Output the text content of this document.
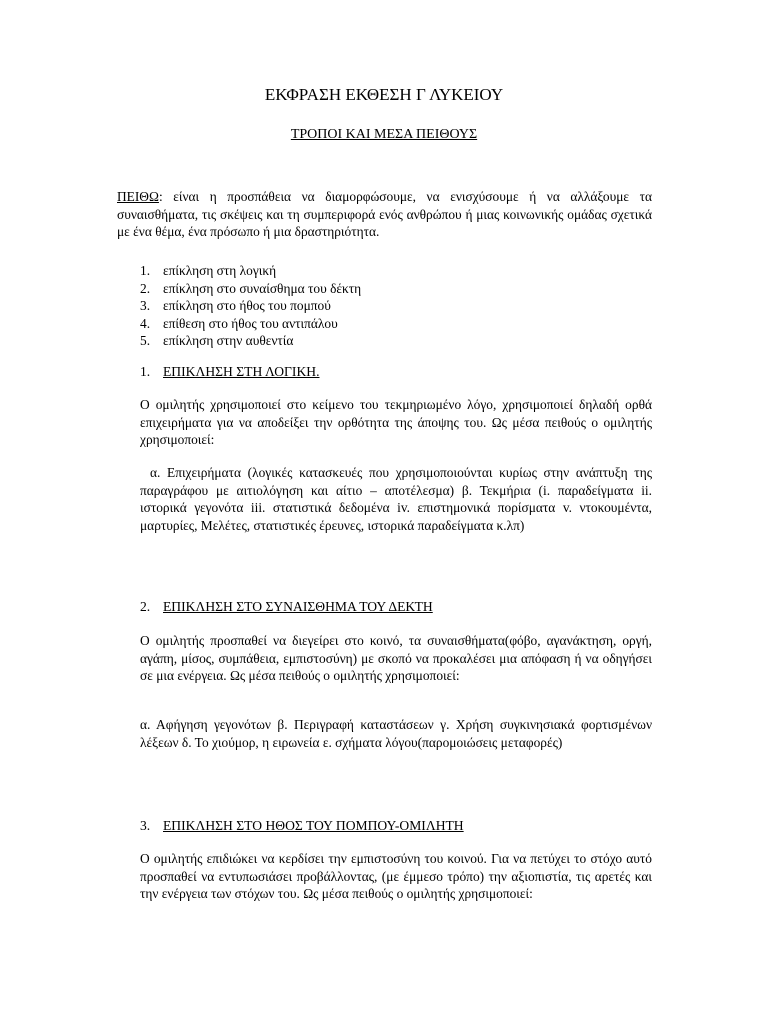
ΕΚΦΡΑΣΗ ΕΚΘΕΣΗ Γ ΛΥΚΕΙΟΥ
ΤΡΟΠΟΙ ΚΑΙ ΜΕΣΑ ΠΕΙΘΟΥΣ
ΠΕΙΘΩ: είναι η προσπάθεια να διαμορφώσουμε, να ενισχύσουμε ή να αλλάξουμε τα συναισθήματα, τις σκέψεις και τη συμπεριφορά ενός ανθρώπου ή μιας κοινωνικής ομάδας σχετικά με ένα θέμα, ένα πρόσωπο ή μια δραστηριότητα.
1. επίκληση στη λογική
2. επίκληση στο συναίσθημα του δέκτη
3. επίκληση στο ήθος του πομπού
4. επίθεση στο ήθος του αντιπάλου
5. επίκληση στην αυθεντία
1. ΕΠΙΚΛΗΣΗ ΣΤΗ ΛΟΓΙΚΗ.
Ο ομιλητής χρησιμοποιεί στο κείμενο του τεκμηριωμένο λόγο, χρησιμοποιεί δηλαδή ορθά επιχειρήματα για να αποδείξει την ορθότητα της άποψης του. Ως μέσα πειθούς ο ομιλητής χρησιμοποιεί:
α. Επιχειρήματα (λογικές κατασκευές που χρησιμοποιούνται κυρίως στην ανάπτυξη της παραγράφου με αιτιολόγηση και αίτιο – αποτέλεσμα) β. Τεκμήρια (i. παραδείγματα ii. ιστορικά γεγονότα iii. στατιστικά δεδομένα iv. επιστημονικά πορίσματα v. ντοκουμέντα, μαρτυρίες, Μελέτες, στατιστικές έρευνες, ιστορικά παραδείγματα κ.λπ)
2. ΕΠΙΚΛΗΣΗ ΣΤΟ ΣΥΝΑΙΣΘΗΜΑ ΤΟΥ ΔΕΚΤΗ
Ο ομιλητής προσπαθεί να διεγείρει στο κοινό, τα συναισθήματα(φόβο, αγανάκτηση, οργή, αγάπη, μίσος, συμπάθεια, εμπιστοσύνη) με σκοπό να προκαλέσει μια απόφαση ή να οδηγήσει σε μια ενέργεια. Ως μέσα πειθούς ο ομιλητής χρησιμοποιεί:
α. Αφήγηση γεγονότων β. Περιγραφή καταστάσεων γ. Χρήση συγκινησιακά φορτισμένων λέξεων δ. Το χιούμορ, η ειρωνεία ε. σχήματα λόγου(παρομοιώσεις μεταφορές)
3. ΕΠΙΚΛΗΣΗ ΣΤΟ ΗΘΟΣ ΤΟΥ ΠΟΜΠΟΥ-ΟΜΙΛΗΤΗ
Ο ομιλητής επιδιώκει να κερδίσει την εμπιστοσύνη του κοινού. Για να πετύχει το στόχο αυτό προσπαθεί να εντυπωσιάσει προβάλλοντας, (με έμμεσο τρόπο) την αξιοπιστία, τις αρετές και την ενέργεια των στόχων του. Ως μέσα πειθούς ο ομιλητής χρησιμοποιεί:
